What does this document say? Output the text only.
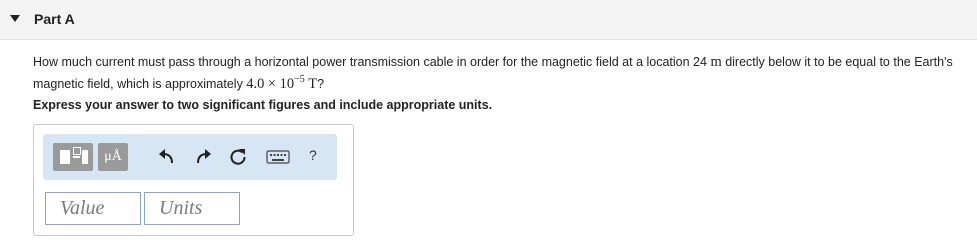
Part A
How much current must pass through a horizontal power transmission cable in order for the magnetic field at a location 24 m directly below it to be equal to the Earth's magnetic field, which is approximately $4.0 \times 10^{-5}$ T?
Express your answer to two significant figures and include appropriate units.
μÅ	?
Value
Units
